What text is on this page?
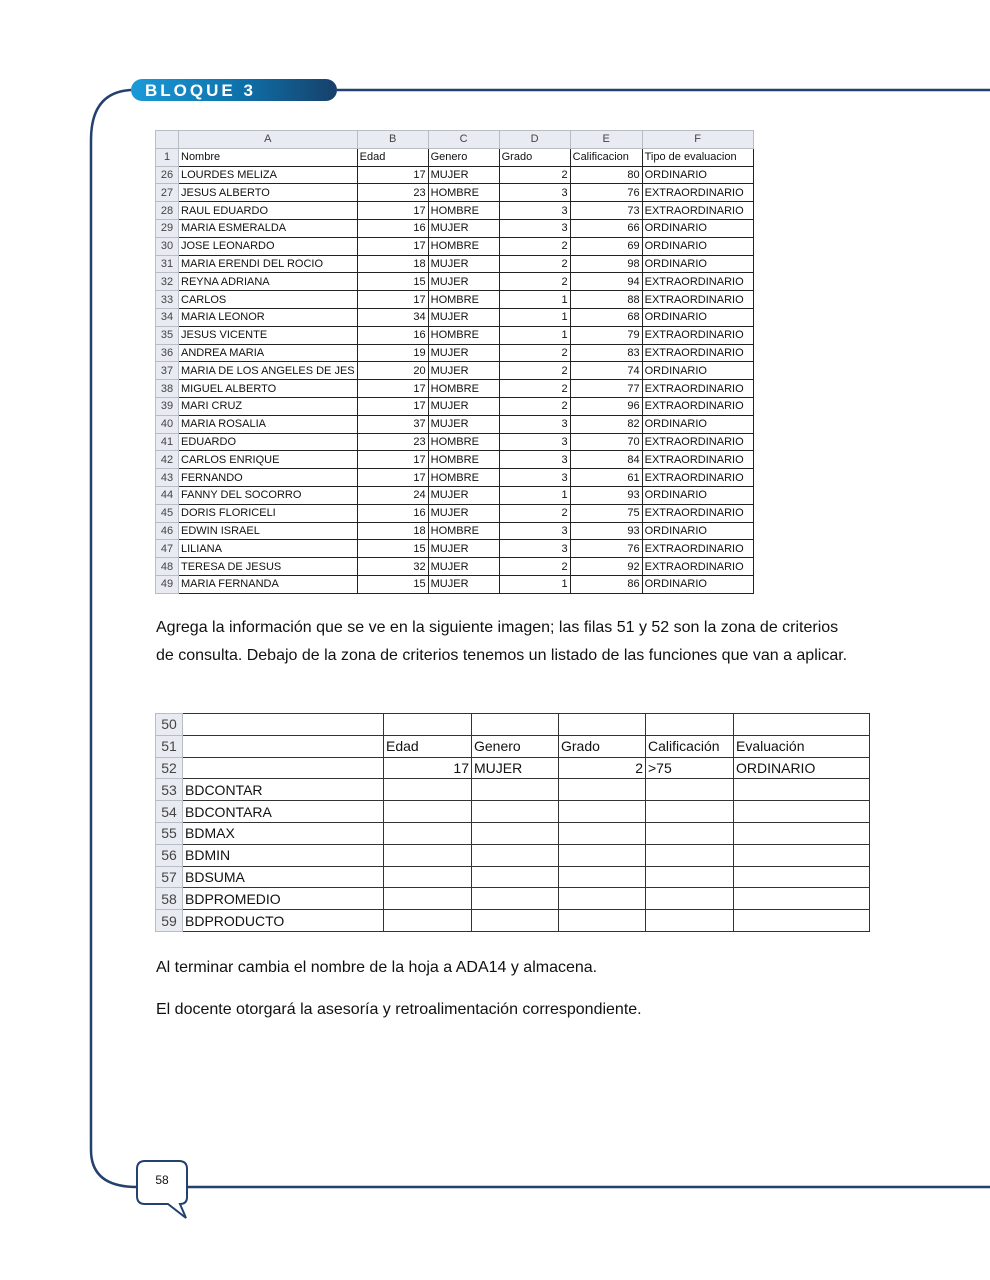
BLOQUE 3
	A	B	C	D	E	F
1	Nombre	Edad	Genero	Grado	Calificacion	Tipo de evaluacion
26	LOURDES MELIZA	17	MUJER	2	80	ORDINARIO
27	JESUS ALBERTO	23	HOMBRE	3	76	EXTRAORDINARIO
28	RAUL EDUARDO	17	HOMBRE	3	73	EXTRAORDINARIO
29	MARIA ESMERALDA	16	MUJER	3	66	ORDINARIO
30	JOSE LEONARDO	17	HOMBRE	2	69	ORDINARIO
31	MARIA ERENDI DEL ROCIO	18	MUJER	2	98	ORDINARIO
32	REYNA ADRIANA	15	MUJER	2	94	EXTRAORDINARIO
33	CARLOS	17	HOMBRE	1	88	EXTRAORDINARIO
34	MARIA LEONOR	34	MUJER	1	68	ORDINARIO
35	JESUS VICENTE	16	HOMBRE	1	79	EXTRAORDINARIO
36	ANDREA MARIA	19	MUJER	2	83	EXTRAORDINARIO
37	MARIA DE LOS ANGELES DE JES	20	MUJER	2	74	ORDINARIO
38	MIGUEL ALBERTO	17	HOMBRE	2	77	EXTRAORDINARIO
39	MARI CRUZ	17	MUJER	2	96	EXTRAORDINARIO
40	MARIA ROSALIA	37	MUJER	3	82	ORDINARIO
41	EDUARDO	23	HOMBRE	3	70	EXTRAORDINARIO
42	CARLOS ENRIQUE	17	HOMBRE	3	84	EXTRAORDINARIO
43	FERNANDO	17	HOMBRE	3	61	EXTRAORDINARIO
44	FANNY DEL SOCORRO	24	MUJER	1	93	ORDINARIO
45	DORIS FLORICELI	16	MUJER	2	75	EXTRAORDINARIO
46	EDWIN ISRAEL	18	HOMBRE	3	93	ORDINARIO
47	LILIANA	15	MUJER	3	76	EXTRAORDINARIO
48	TERESA DE JESUS	32	MUJER	2	92	EXTRAORDINARIO
49	MARIA FERNANDA	15	MUJER	1	86	ORDINARIO
Agrega la información que se ve en la siguiente imagen; las filas 51 y 52 son la zona de criterios de consulta. Debajo de la zona de criterios tenemos un listado de las funciones que van a aplicar.
50						
51		Edad	Genero	Grado	Calificación	Evaluación
52		17	MUJER	2	>75	ORDINARIO
53	BDCONTAR					
54	BDCONTARA					
55	BDMAX					
56	BDMIN					
57	BDSUMA					
58	BDPROMEDIO					
59	BDPRODUCTO					
Al terminar cambia el nombre de la hoja a ADA14 y almacena.
El docente otorgará la asesoría y retroalimentación correspondiente.
58
